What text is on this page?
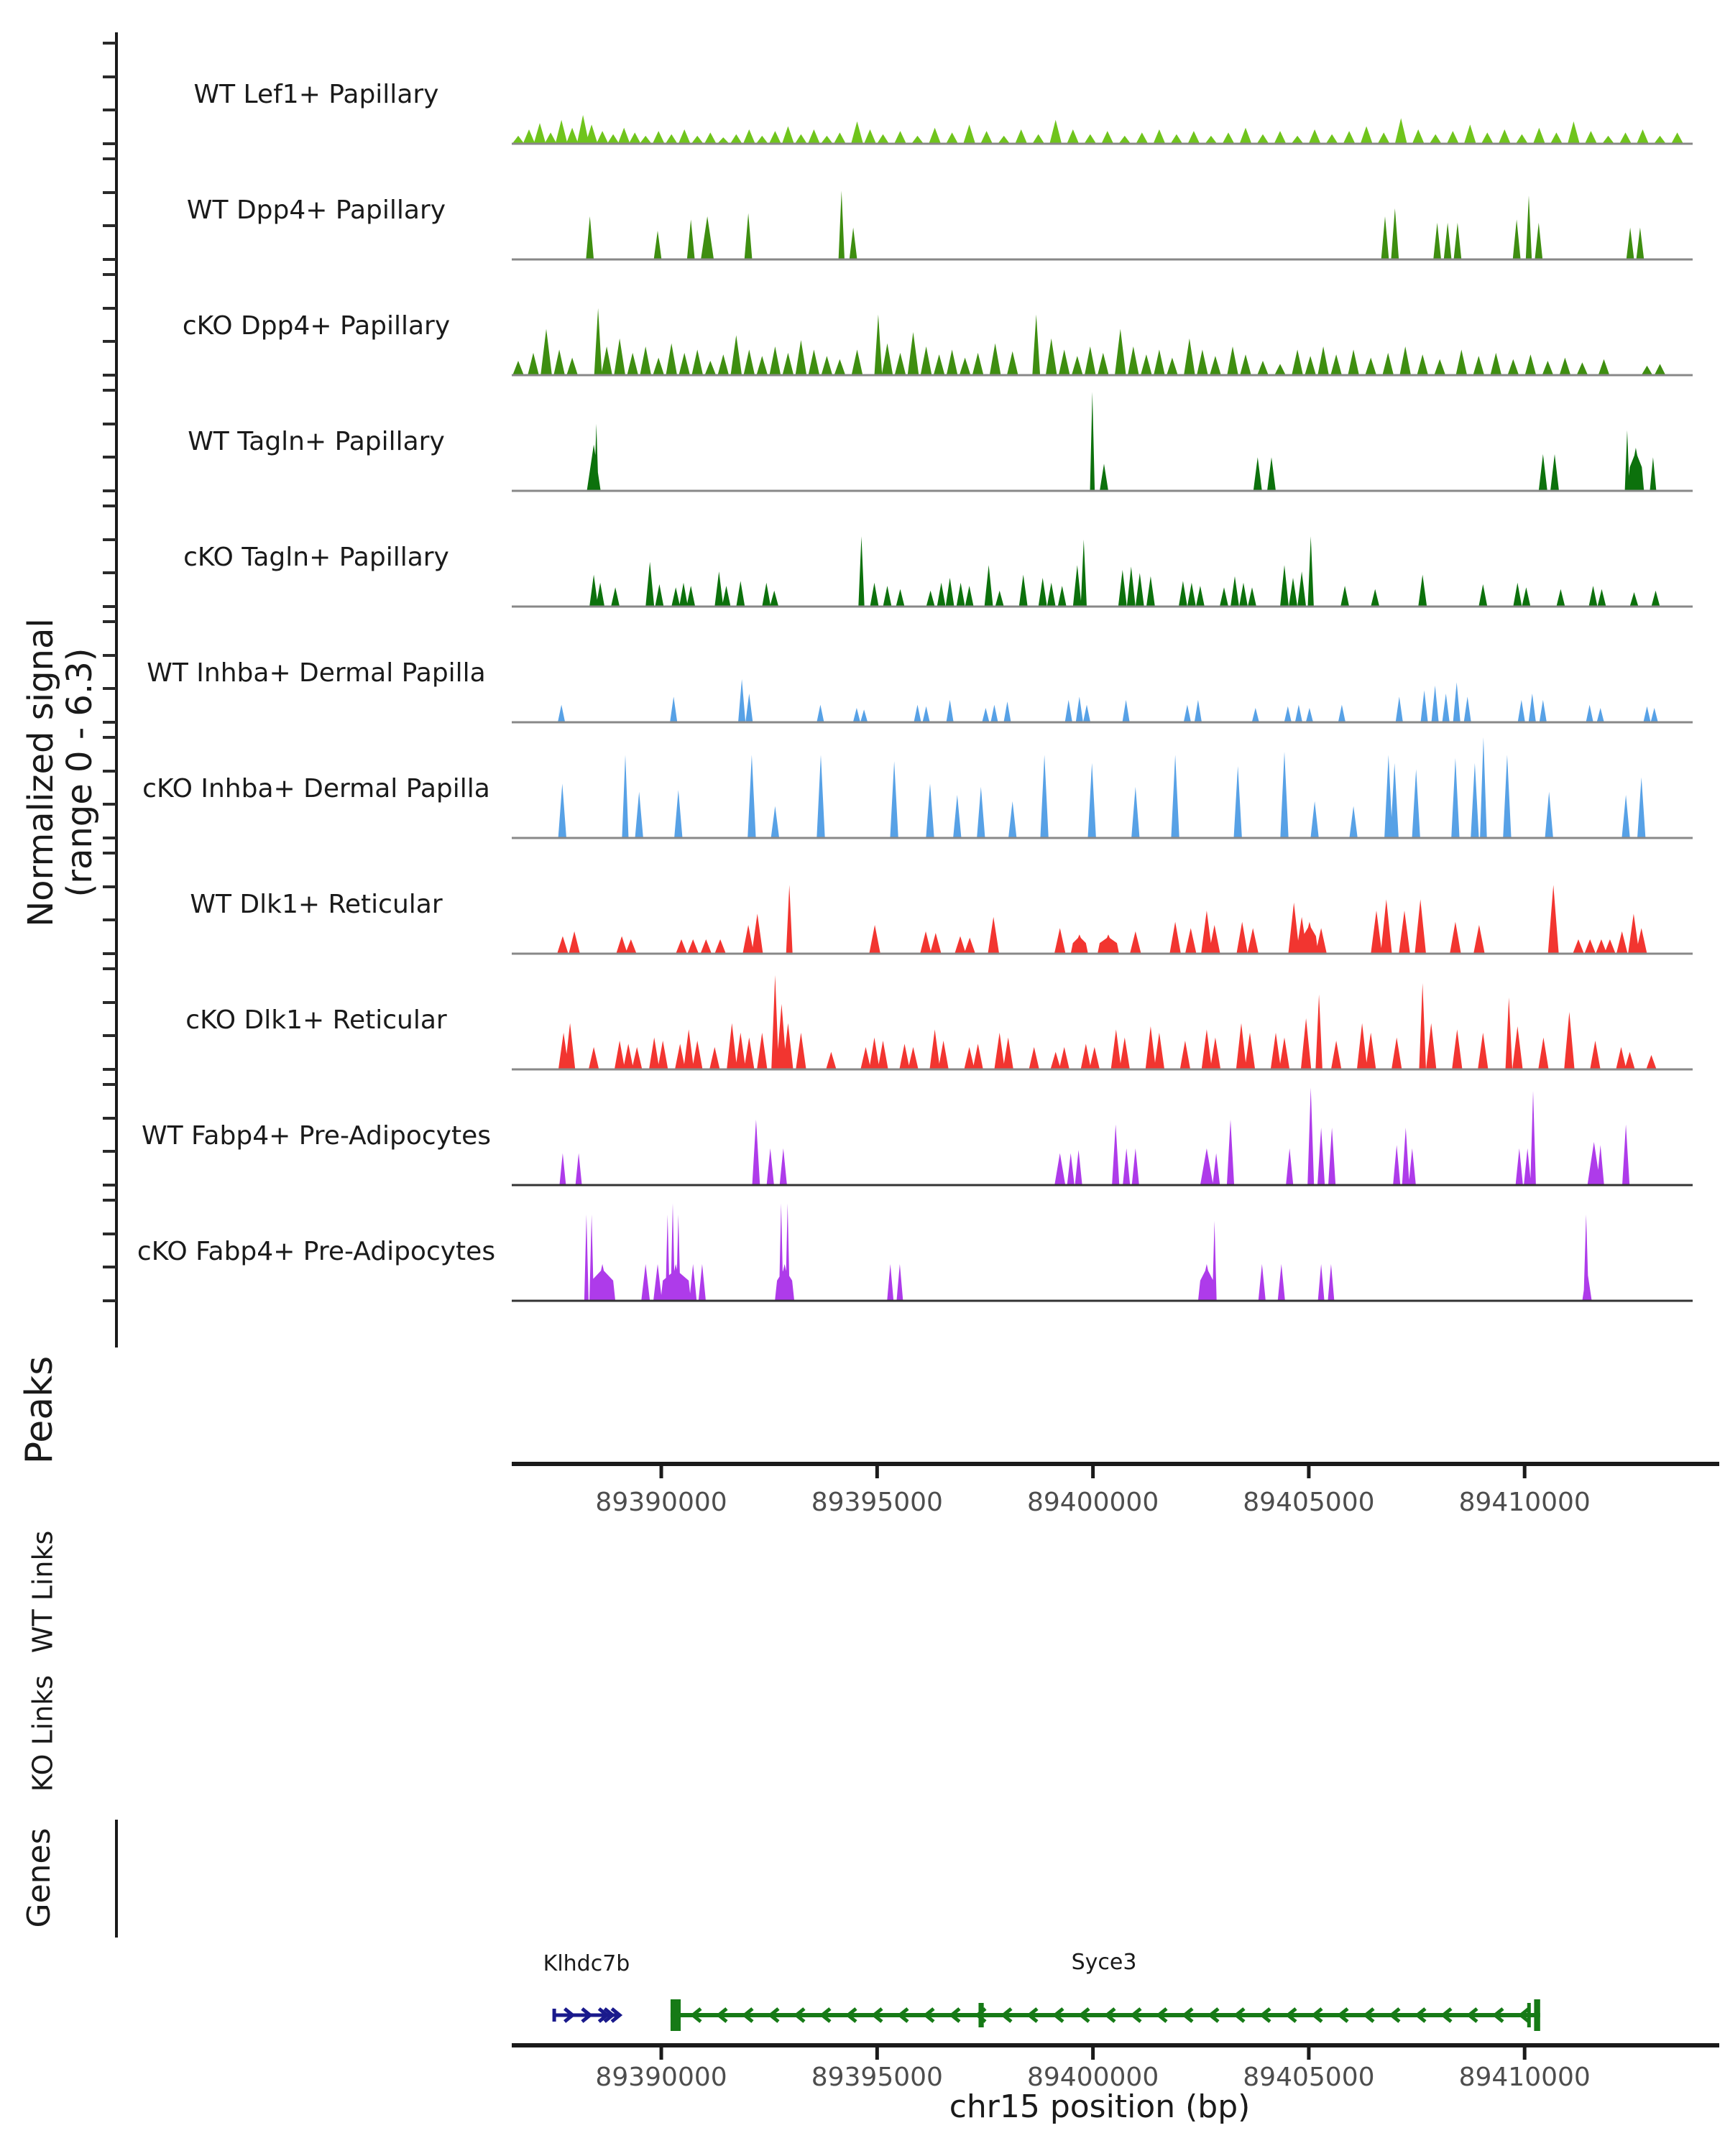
WT Lef1+ Papillary
WT Dpp4+ Papillary
cKO Dpp4+ Papillary
WT Tagln+ Papillary
cKO Tagln+ Papillary
WT Inhba+ Dermal Papilla
cKO Inhba+ Dermal Papilla
WT Dlk1+ Reticular
cKO Dlk1+ Reticular
WT Fabp4+ Pre-Adipocytes
cKO Fabp4+ Pre-Adipocytes
Normalized signal
(range 0 - 6.3)
Peaks
WT Links
KO Links
Genes
89390000	89395000	89400000	89405000	89410000
Klhdc7b	Syce3
89390000	89395000	89400000	89405000	89410000
chr15 position (bp)
